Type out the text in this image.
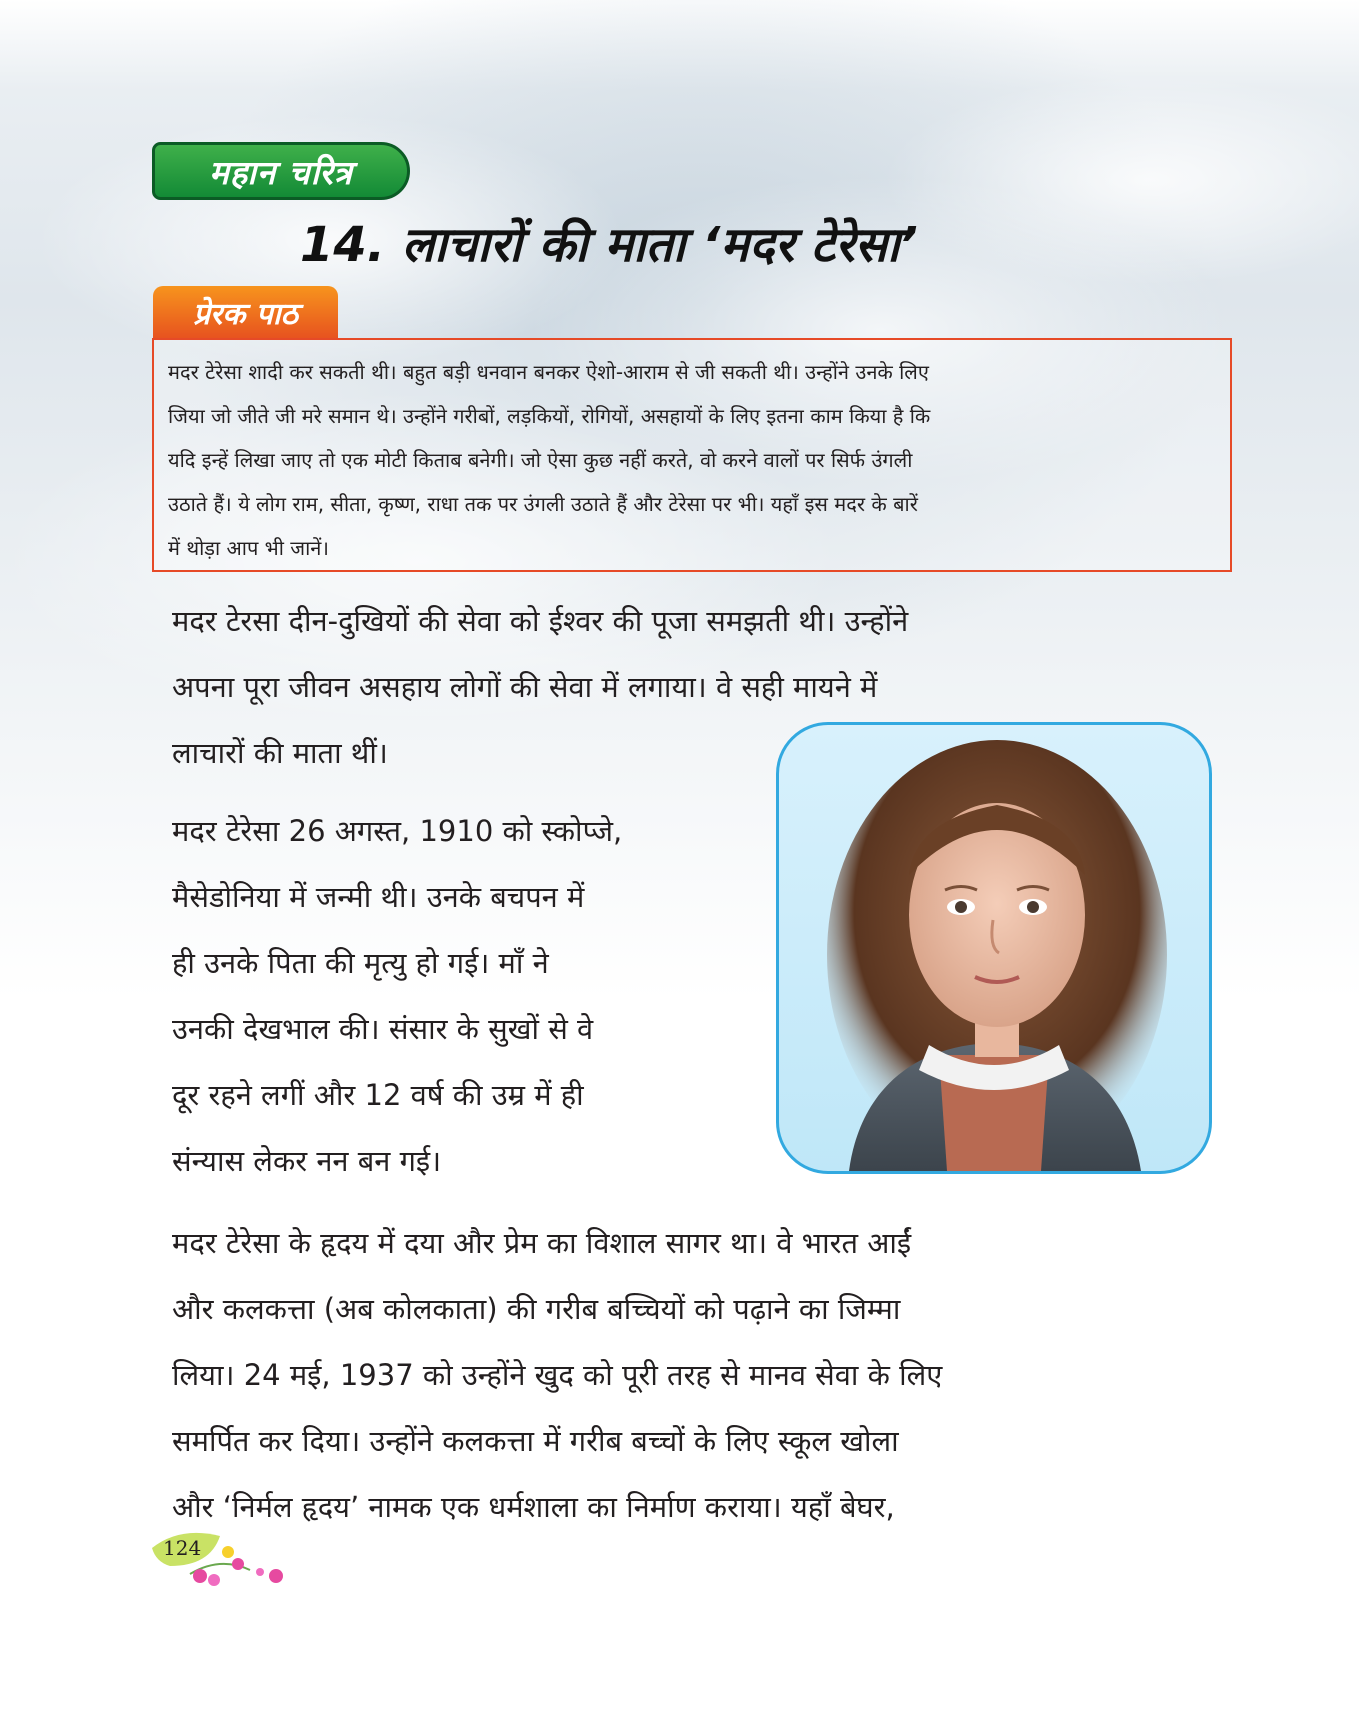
महान चरित्र
14. लाचारों की माता ‘मदर टेरेसा’
प्रेरक पाठ
मदर टेरेसा शादी कर सकती थी। बहुत बड़ी धनवान बनकर ऐशो-आराम से जी सकती थी। उन्होंने उनके लिए
जिया जो जीते जी मरे समान थे। उन्होंने गरीबों, लड़कियों, रोगियों, असहायों के लिए इतना काम किया है कि
यदि इन्हें लिखा जाए तो एक मोटी किताब बनेगी। जो ऐसा कुछ नहीं करते, वो करने वालों पर सिर्फ उंगली
उठाते हैं। ये लोग राम, सीता, कृष्ण, राधा तक पर उंगली उठाते हैं और टेरेसा पर भी। यहाँ इस मदर के बारें
में थोड़ा आप भी जानें।
मदर टेरसा दीन-दुखियों की सेवा को ईश्वर की पूजा समझती थी। उन्होंने
अपना पूरा जीवन असहाय लोगों की सेवा में लगाया। वे सही मायने में
लाचारों की माता थीं।
मदर टेरेसा 26 अगस्त, 1910 को स्कोप्जे,
मैसेडोनिया में जन्मी थी। उनके बचपन में
ही उनके पिता की मृत्यु हो गई। माँ ने
उनकी देखभाल की। संसार के सुखों से वे
दूर रहने लगीं और 12 वर्ष की उम्र में ही
संन्यास लेकर नन बन गई।
मदर टेरेसा के हृदय में दया और प्रेम का विशाल सागर था। वे भारत आईं
और कलकत्ता (अब कोलकाता) की गरीब बच्चियों को पढ़ाने का जिम्मा
लिया। 24 मई, 1937 को उन्होंने खुद को पूरी तरह से मानव सेवा के लिए
समर्पित कर दिया। उन्होंने कलकत्ता में गरीब बच्चों के लिए स्कूल खोला
और ‘निर्मल हृदय’ नामक एक धर्मशाला का निर्माण कराया। यहाँ बेघर,
124
